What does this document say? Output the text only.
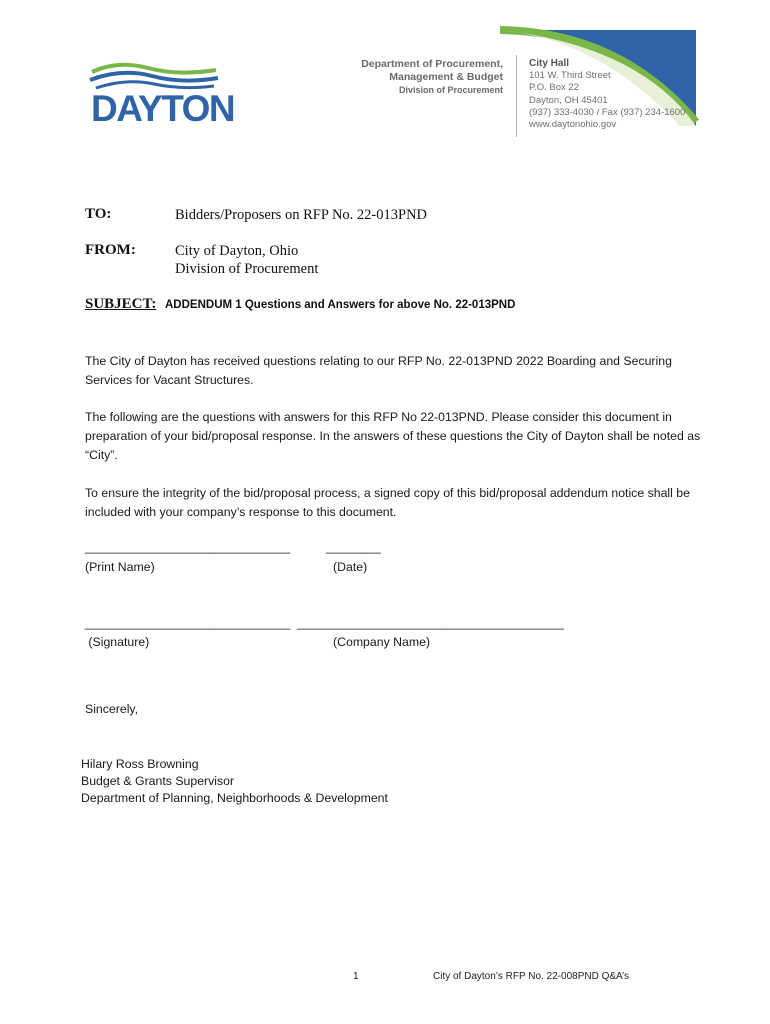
DAYTON
Department of Procurement,
Management & Budget
Division of Procurement
City Hall
101 W. Third Street
P.O. Box 22
Dayton, OH 45401
(937) 333-4030 / Fax (937) 234-1600
www.daytonohio.gov
TO:	Bidders/Proposers on RFP No. 22-013PND
FROM:	City of Dayton, Ohio
Division of Procurement
SUBJECT: ADDENDUM 1 Questions and Answers for above No. 22-013PND
The City of Dayton has received questions relating to our RFP No. 22-013PND 2022 Boarding and Securing Services for Vacant Structures.
The following are the questions with answers for this RFP No 22-013PND. Please consider this document in preparation of your bid/proposal response. In the answers of these questions the City of Dayton shall be noted as “City”.
To ensure the integrity of the bid/proposal process, a signed copy of this bid/proposal addendum notice shall be included with your company’s response to this document.
______________________________	________
(Print Name)	(Date)
______________________________ _______________________________________
(Signature)	(Company Name)
Sincerely,
Hilary Ross Browning
Budget & Grants Supervisor
Department of Planning, Neighborhoods & Development
1	City of Dayton’s RFP No. 22-008PND Q&A’s
